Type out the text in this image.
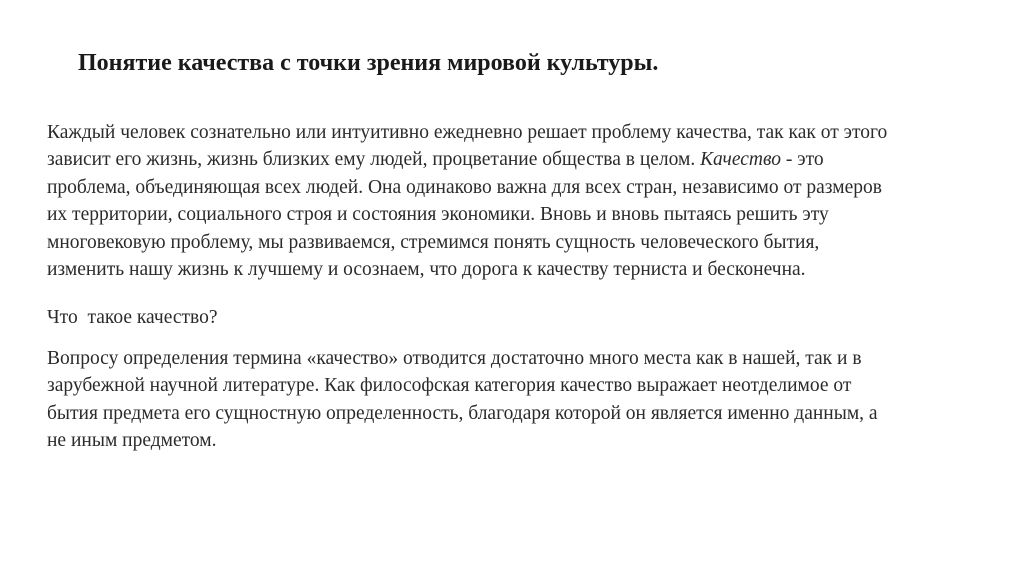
Понятие качества с точки зрения мировой культуры.

Каждый человек сознательно или интуитивно ежедневно решает проблему качества, так как от этого
зависит его жизнь, жизнь близких ему людей, процветание общества в целом. Качество - это
проблема, объединяющая всех людей. Она одинаково важна для всех стран, независимо от размеров
их территории, социального строя и состояния экономики. Вновь и вновь пытаясь решить эту
многовековую проблему, мы развиваемся, стремимся понять сущность человеческого бытия,
изменить нашу жизнь к лучшему и осознаем, что дорога к качеству терниста и бесконечна.

Что  такое качество?

Вопросу определения термина «качество» отводится достаточно много места как в нашей, так и в
зарубежной научной литературе. Как философская категория качество выражает неотделимое от
бытия предмета его сущностную определенность, благодаря которой он является именно данным, а
не иным предметом.
